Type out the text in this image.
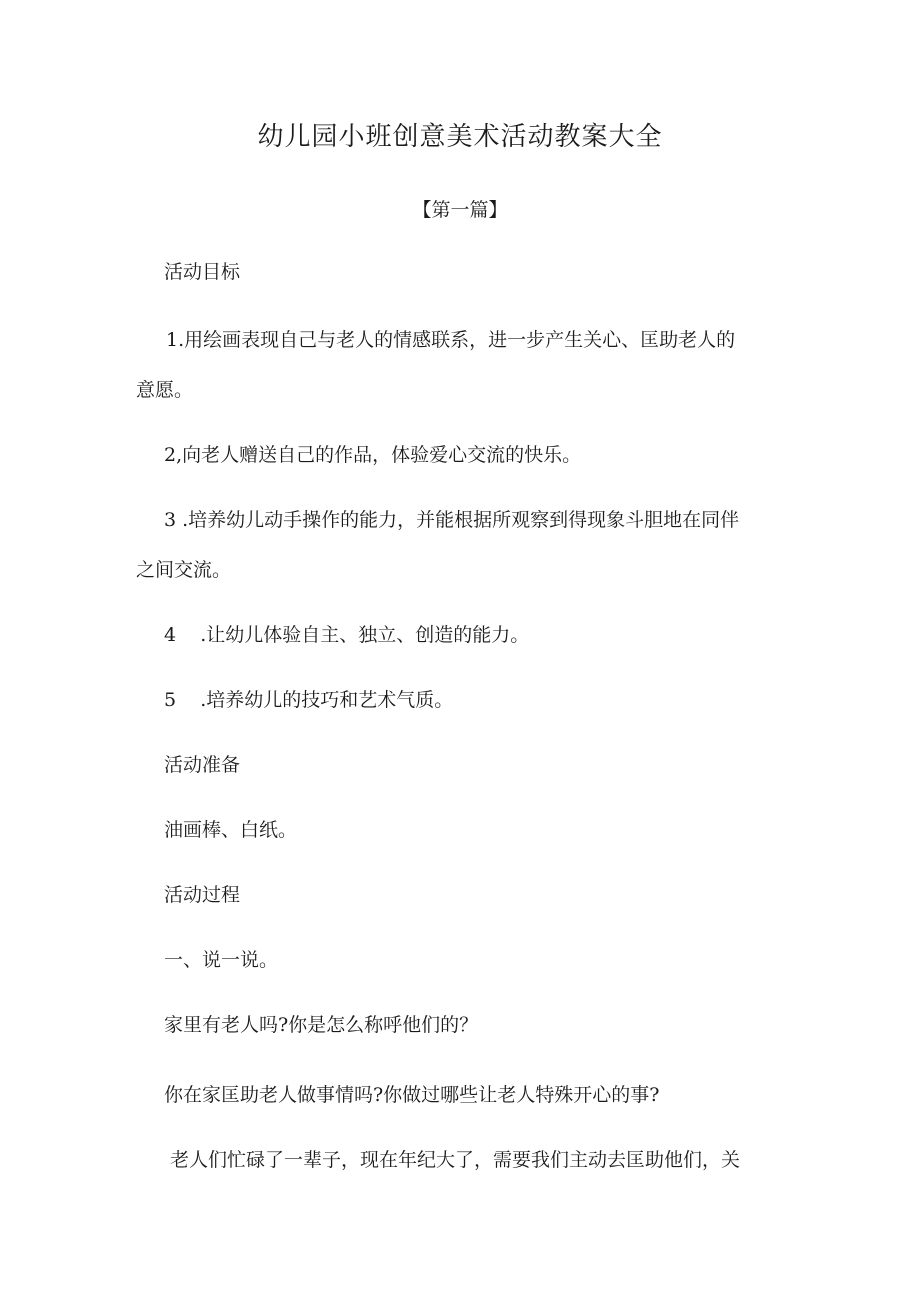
幼儿园小班创意美术活动教案大全
【第一篇】
活动目标
1.用绘画表现自己与老人的情感联系，进一步产生关心、匡助老人的
意愿。
2,向老人赠送自己的作品，体验爱心交流的快乐。
3 .培养幼儿动手操作的能力，并能根据所观察到得现象斗胆地在同伴
之间交流。
4    .让幼儿体验自主、独立、创造的能力。
5    .培养幼儿的技巧和艺术气质。
活动准备
油画棒、白纸。
活动过程
一、说一说。
家里有老人吗?你是怎么称呼他们的？
你在家匡助老人做事情吗?你做过哪些让老人特殊开心的事?
老人们忙碌了一辈子，现在年纪大了，需要我们主动去匡助他们，关
